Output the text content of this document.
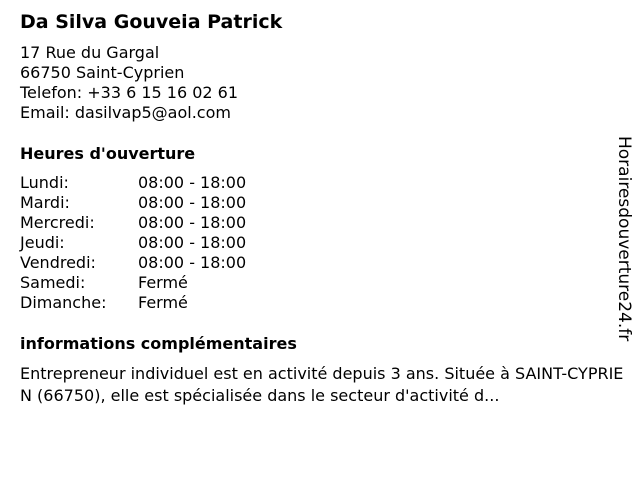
Da Silva Gouveia Patrick
17 Rue du Gargal
66750 Saint-Cyprien
Telefon: +33 6 15 16 02 61
Email: dasilvap5@aol.com
Heures d'ouverture
Lundi:	08:00 - 18:00
Mardi:	08:00 - 18:00
Mercredi:	08:00 - 18:00
Jeudi:	08:00 - 18:00
Vendredi:	08:00 - 18:00
Samedi:	Fermé
Dimanche: Fermé
informations complémentaires
Entrepreneur individuel est en activité depuis 3 ans. Située à SAINT-CYPRIEN (66750), elle est spécialisée dans le secteur d'activité d...
Horairesdouverture24.fr
